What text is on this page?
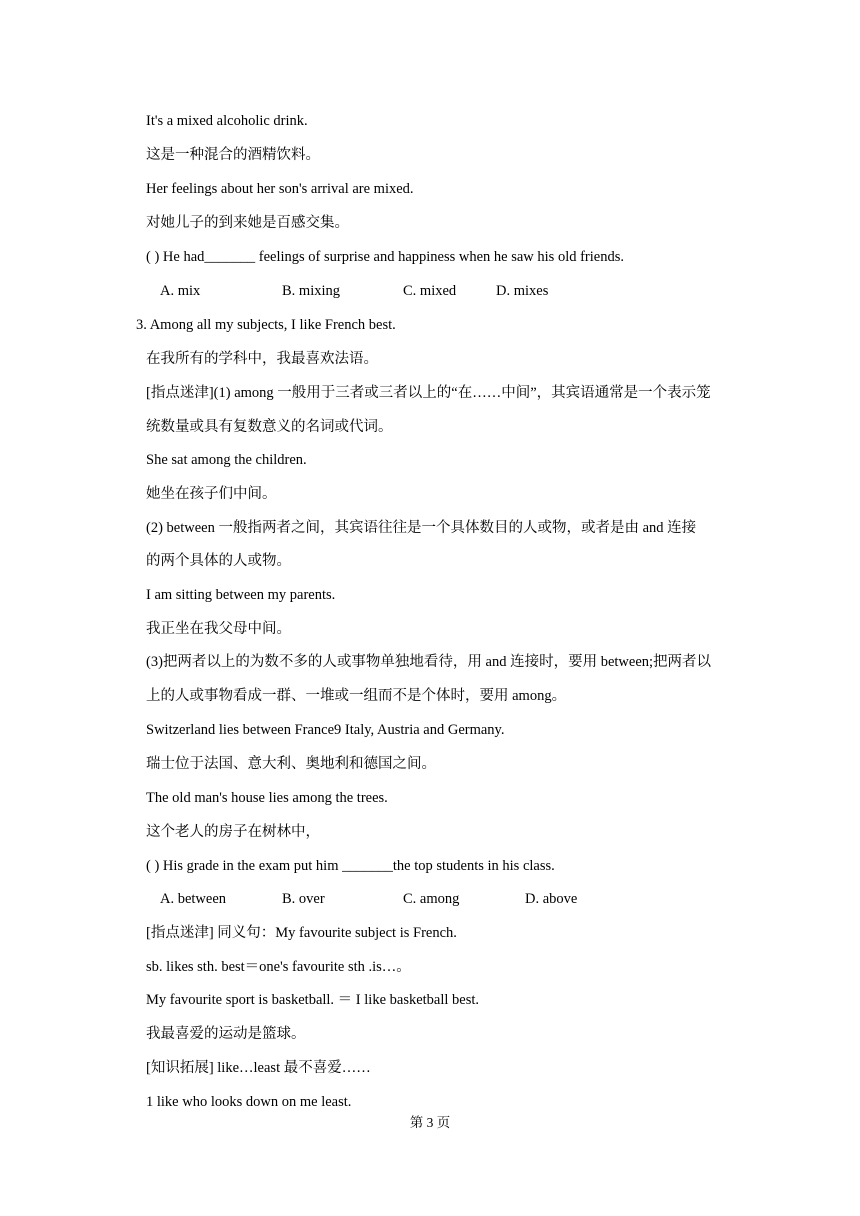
It's a mixed alcoholic drink.
这是一种混合的酒精饮料。
Her feelings about her son's arrival are mixed.
对她儿子的到来她是百感交集。
( ) He had_______ feelings of surprise and happiness when he saw his old friends.
A. mix	B. mixing	C. mixed	D. mixes
3. Among all my subjects, I like French best.
在我所有的学科中，我最喜欢法语。
[指点迷津](1) among 一般用于三者或三者以上的“在……中间”，其宾语通常是一个表示笼
统数量或具有复数意义的名词或代词。
She sat among the children.
她坐在孩子们中间。
(2) between 一般指两者之间，其宾语往往是一个具体数目的人或物，或者是由 and 连接
的两个具体的人或物。
I am sitting between my parents.
我正坐在我父母中间。
(3)把两者以上的为数不多的人或事物单独地看待，用 and 连接时，要用 between;把两者以
上的人或事物看成一群、一堆或一组而不是个体时，要用 among。
Switzerland lies between France9 Italy, Austria and Germany.
瑞士位于法国、意大利、奥地利和德国之间。
The old man's house lies among the trees.
这个老人的房子在树林中，
( ) His grade in the exam put him _______the top students in his class.
A. between	B. over	C. among	D. above
[指点迷津] 同义句：My favourite subject is French.
sb. likes sth. best＝one's favourite sth .is…。
My favourite sport is basketball. ＝ I like basketball best.
我最喜爱的运动是篮球。
[知识拓展] like…least 最不喜爱……
1 like who looks down on me least.
第 3 页
